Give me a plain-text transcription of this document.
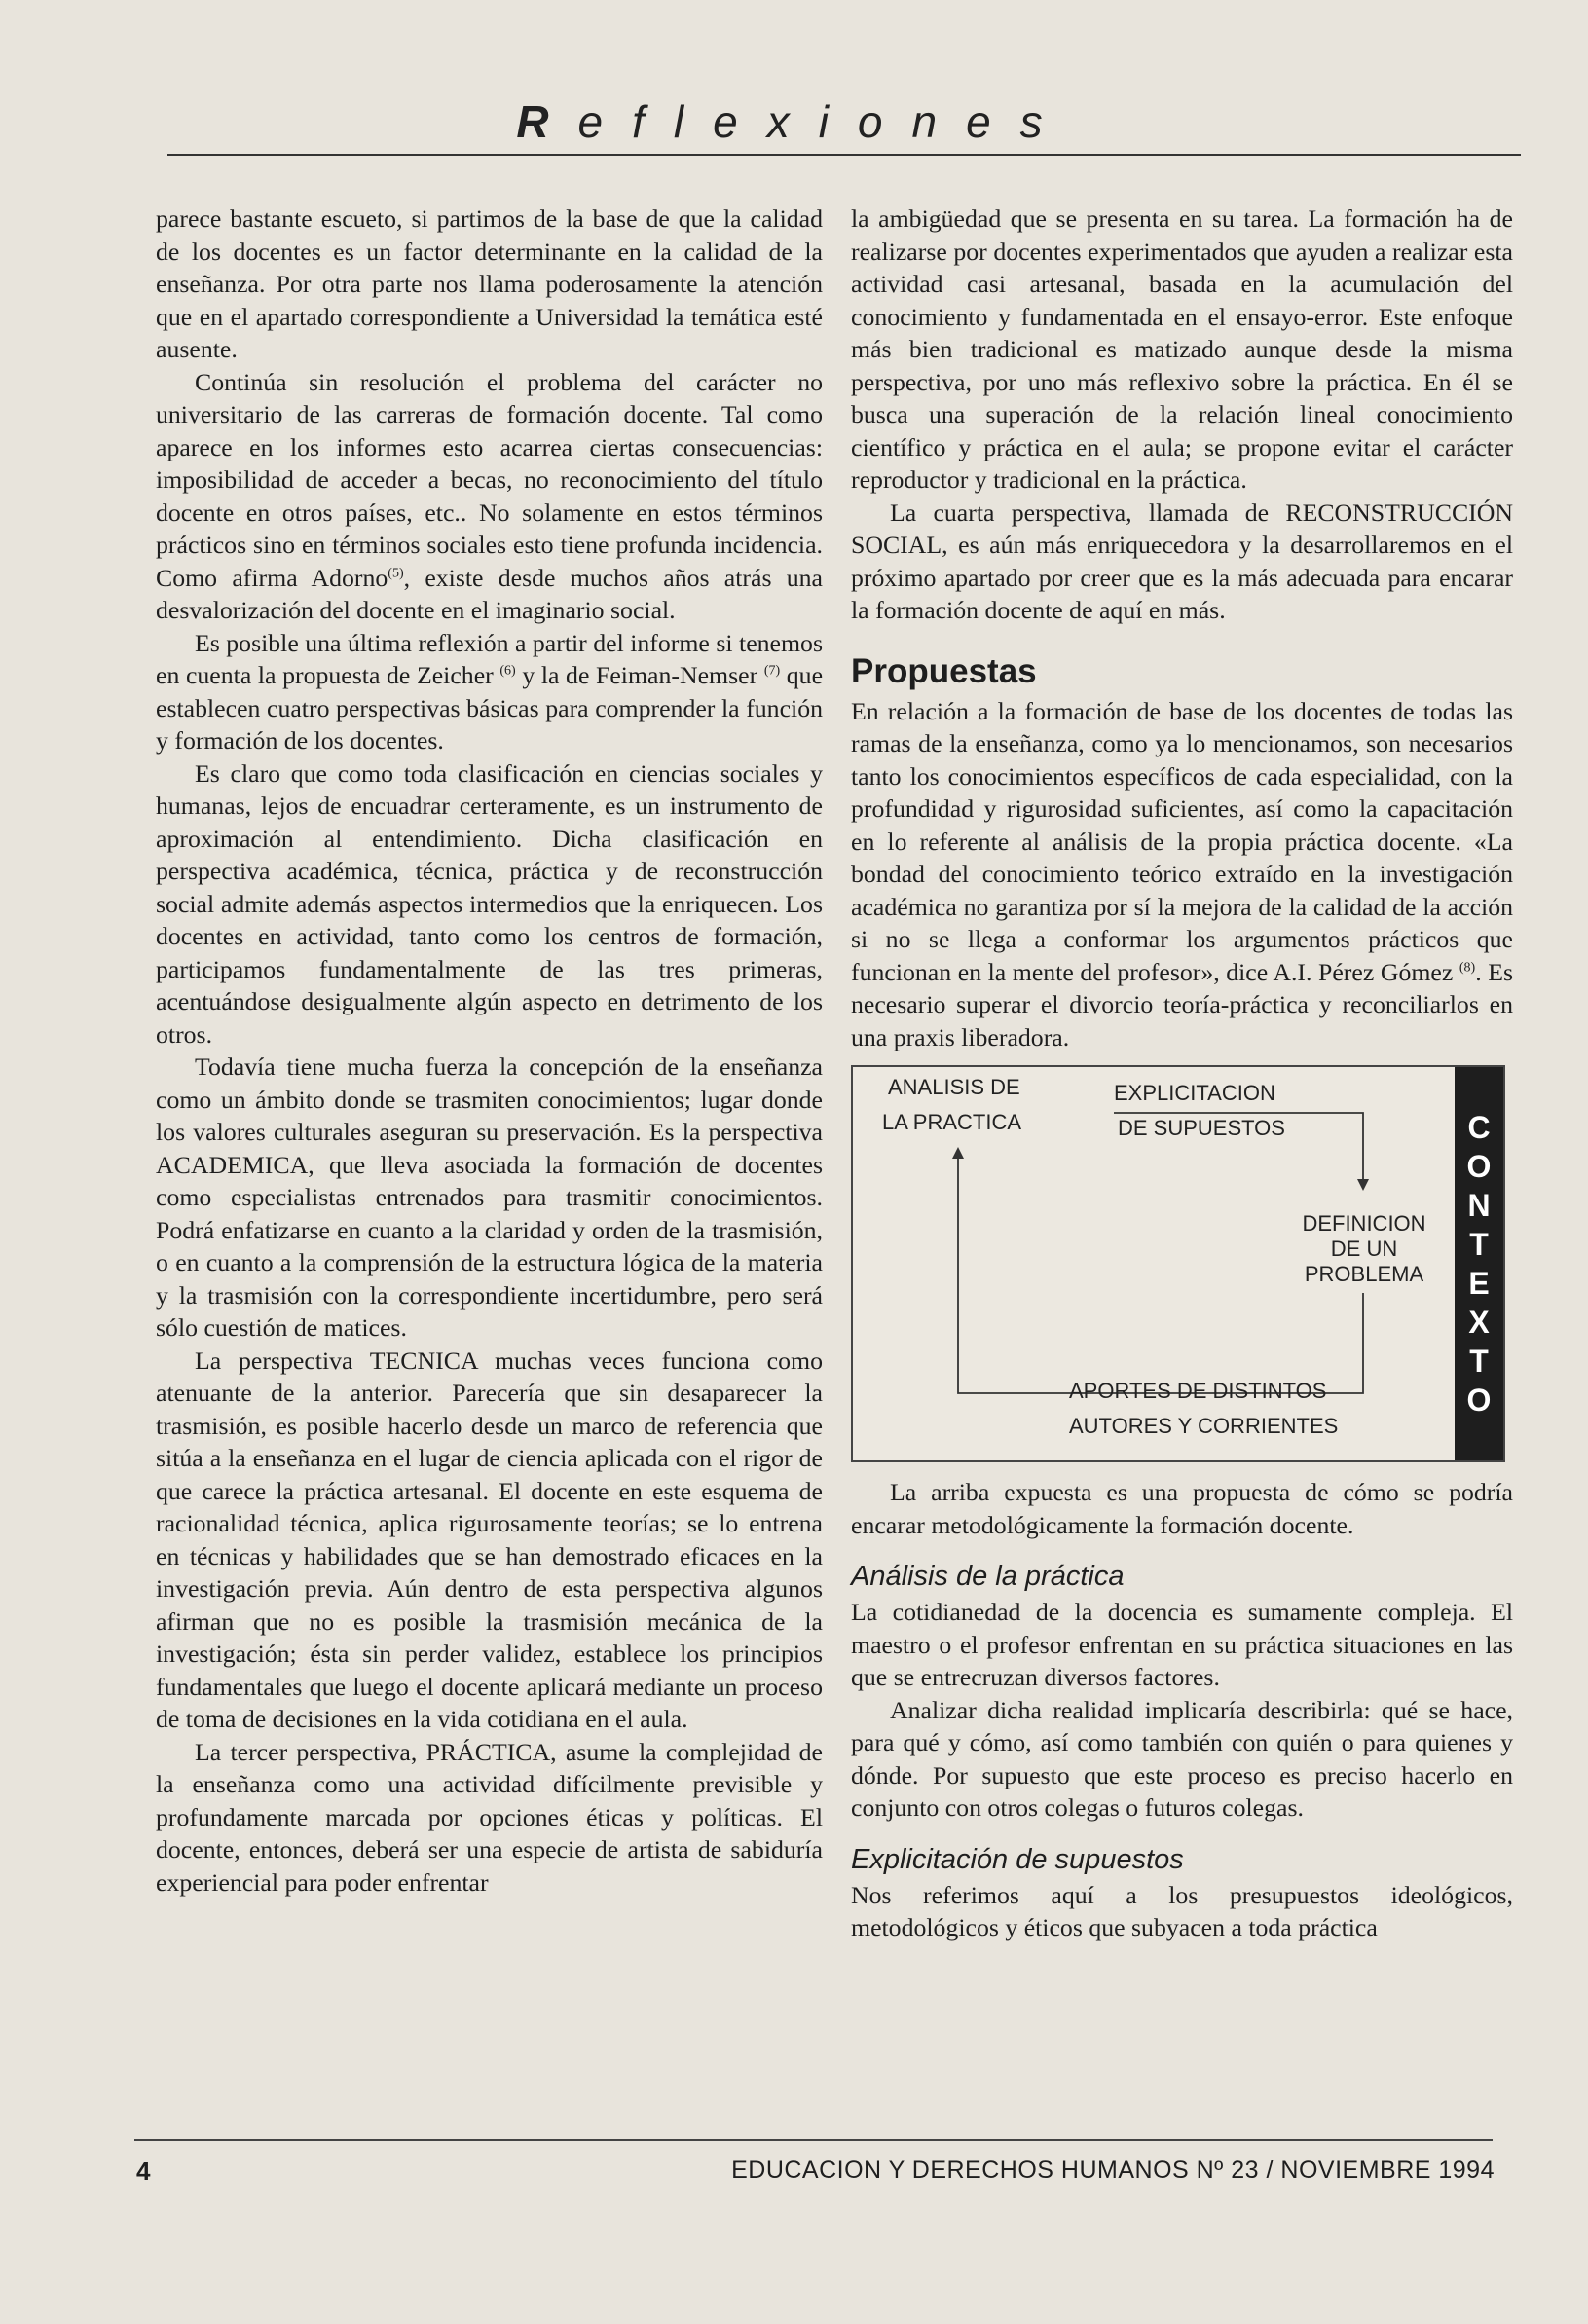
Reflexiones

parece bastante escueto, si partimos de la base de que la calidad de los docentes es un factor determinante en la calidad de la enseñanza. Por otra parte nos llama poderosamente la atención que en el apartado correspondiente a Universidad la temática esté ausente.

Continúa sin resolución el problema del carácter no universitario de las carreras de formación docente. Tal como aparece en los informes esto acarrea ciertas consecuencias: imposibilidad de acceder a becas, no reconocimiento del título docente en otros países, etc.. No solamente en estos términos prácticos sino en términos sociales esto tiene profunda incidencia. Como afirma Adorno$^{(5)}$, existe desde muchos años atrás una desvalorización del docente en el imaginario social.

Es posible una última reflexión a partir del informe si tenemos en cuenta la propuesta de Zeicher $^{(6)}$ y la de Feiman-Nemser $^{(7)}$ que establecen cuatro perspectivas básicas para comprender la función y formación de los docentes.

Es claro que como toda clasificación en ciencias sociales y humanas, lejos de encuadrar certeramente, es un instrumento de aproximación al entendimiento. Dicha clasificación en perspectiva académica, técnica, práctica y de reconstrucción social admite además aspectos intermedios que la enriquecen. Los docentes en actividad, tanto como los centros de formación, participamos fundamentalmente de las tres primeras, acentuándose desigualmente algún aspecto en detrimento de los otros.

Todavía tiene mucha fuerza la concepción de la enseñanza como un ámbito donde se trasmiten conocimientos; lugar donde los valores culturales aseguran su preservación. Es la perspectiva ACADEMICA, que lleva asociada la formación de docentes como especialistas entrenados para trasmitir conocimientos. Podrá enfatizarse en cuanto a la claridad y orden de la trasmisión, o en cuanto a la comprensión de la estructura lógica de la materia y la trasmisión con la correspondiente incertidumbre, pero será sólo cuestión de matices.

La perspectiva TECNICA muchas veces funciona como atenuante de la anterior. Parecería que sin desaparecer la trasmisión, es posible hacerlo desde un marco de referencia que sitúa a la enseñanza en el lugar de ciencia aplicada con el rigor de que carece la práctica artesanal. El docente en este esquema de racionalidad técnica, aplica rigurosamente teorías; se lo entrena en técnicas y habilidades que se han demostrado eficaces en la investigación previa. Aún dentro de esta perspectiva algunos afirman que no es posible la trasmisión mecánica de la investigación; ésta sin perder validez, establece los principios fundamentales que luego el docente aplicará mediante un proceso de toma de decisiones en la vida cotidiana en el aula.

La tercer perspectiva, PRÁCTICA, asume la complejidad de la enseñanza como una actividad difícilmente previsible y profundamente marcada por opciones éticas y políticas. El docente, entonces, deberá ser una especie de artista de sabiduría experiencial para poder enfrentar

la ambigüedad que se presenta en su tarea. La formación ha de realizarse por docentes experimentados que ayuden a realizar esta actividad casi artesanal, basada en la acumulación del conocimiento y fundamentada en el ensayo-error. Este enfoque más bien tradicional es matizado aunque desde la misma perspectiva, por uno más reflexivo sobre la práctica. En él se busca una superación de la relación lineal conocimiento científico y práctica en el aula; se propone evitar el carácter reproductor y tradicional en la práctica.

La cuarta perspectiva, llamada de RECONSTRUCCIÓN SOCIAL, es aún más enriquecedora y la desarrollaremos en el próximo apartado por creer que es la más adecuada para encarar la formación docente de aquí en más.

Propuestas

En relación a la formación de base de los docentes de todas las ramas de la enseñanza, como ya lo mencionamos, son necesarios tanto los conocimientos específicos de cada especialidad, con la profundidad y rigurosidad suficientes, así como la capacitación en lo referente al análisis de la propia práctica docente. «La bondad del conocimiento teórico extraído en la investigación académica no garantiza por sí la mejora de la calidad de la acción si no se llega a conformar los argumentos prácticos que funcionan en la mente del profesor», dice A.I. Pérez Gómez $^{(8)}$. Es necesario superar el divorcio teoría-práctica y reconciliarlos en una praxis liberadora.

ANALISIS DE
LA PRACTICA
EXPLICITACION
DE SUPUESTOS
DEFINICION
DE UN
PROBLEMA
APORTES DE DISTINTOS
AUTORES Y CORRIENTES
C
O
N
T
E
X
T
O

La arriba expuesta es una propuesta de cómo se podría encarar metodológicamente la formación docente.

Análisis de la práctica

La cotidianedad de la docencia es sumamente compleja. El maestro o el profesor enfrentan en su práctica situaciones en las que se entrecruzan diversos factores.

Analizar dicha realidad implicaría describirla: qué se hace, para qué y cómo, así como también con quién o para quienes y dónde. Por supuesto que este proceso es preciso hacerlo en conjunto con otros colegas o futuros colegas.

Explicitación de supuestos

Nos referimos aquí a los presupuestos ideológicos, metodológicos y éticos que subyacen a toda práctica

4	EDUCACION Y DERECHOS HUMANOS Nº 23 / NOVIEMBRE 1994
